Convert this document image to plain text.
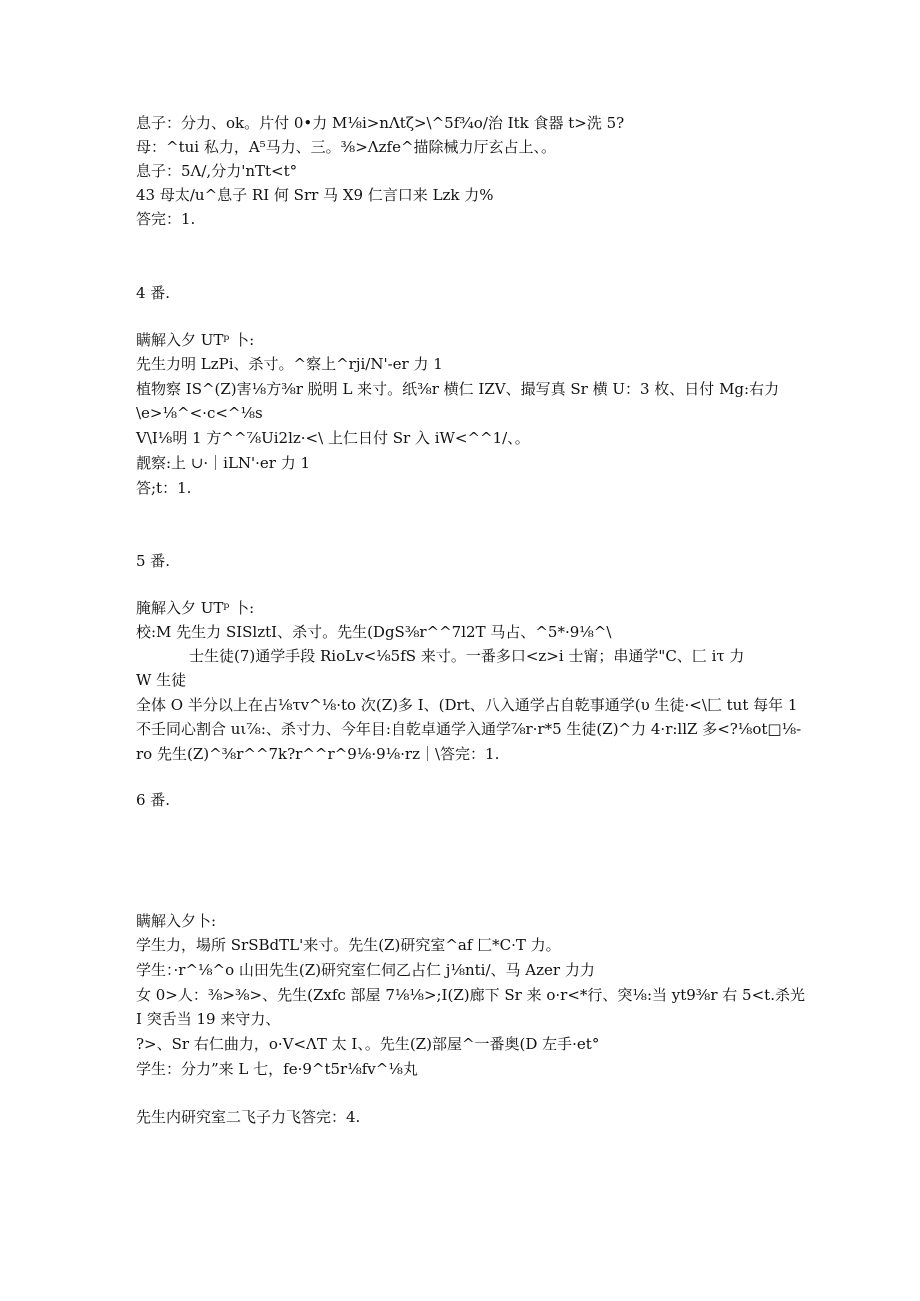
息子：分力、ok。片付 0•力 M⅛i>nΛtζ>\^5f¾o∕治 Itk 食器 t>洗 5?

母：^tui 私力，A⁵马力、三。⅜>Λzfe^描除械力厅玄占上、。

息子：5Λ∕,分力'nTt<t°

43 母太∕u^息子 RI 何 Srr 马 X9 仁言口来 Lzk 力%

答完：1.

4 番.

瞒解入夕 UTᵖ 卜:

先生力明 LzPi、杀寸。^察上^rji/N'-er 力 1

植物察 IS^(Z)害⅛方⅜r 脱明 L 来寸。纸⅜r 横仁 IZV、撮写真 Sr 横 U：3 枚、日付 Mg:右力

\e>⅛^<·c<^⅛s

V\I⅛明 1 方^^⅞Ui2lz·<\ 上仁日付 Sr 入 iW<^^1/、。

靓察:上 ∪·｜iLN'·er 力 1

答;t：1.

5 番.

腌解入夕 UTᵖ 卜:

校:M 先生力 SISlztI、杀寸。先生(DgS⅜r^^7l2T 马占、^5*·9⅛^\

士生徒(7)通学手段 RioLv<⅛5fS 来寸。一番多口<z>i 士甯；串通学"C、匚 iτ 力

W 生徒

全体 O 半分以上在占⅛τv^⅛·to 次(Z)多 I、(Drt、八入通学占自乾事通学(υ 生徒·<\匚 tut 每年 1

不壬同心割合 uι⅞:、杀寸力、今年目:自乾卓通学入通学⅞r·r*5 生徒(Z)^力 4·r:llZ 多<?⅛ot□⅛-

ro 先生(Z)^⅜r^^7k?r^^r^9⅛·9⅛·rz｜\答完：1.

6 番.

瞒解入夕卜:

学生力，場所 SrSBdTL'来寸。先生(Z)研究室^af 匚*C·T 力。

学生：·r^⅛^o 山田先生(Z)研究室仁伺乙占仁 j⅛nti∕、马 Azer 力力

女 0>人：⅜>⅜>、先生(Zxfc 部屋 7⅛⅛>;I(Z)廊下 Sr 来 o·r<*行、突⅛:当 yt9⅜r 右 5<t.杀光

I 突舌当 19 来守力、

?>、Sr 右仁曲力，o·V<ΛT 太 I、。先生(Z)部屋^一番奥(D 左手·et°

学生：分力”来 L 七，fe·9^t5r⅛fv^⅛丸

先生内研究室二飞子力飞答完：4.
